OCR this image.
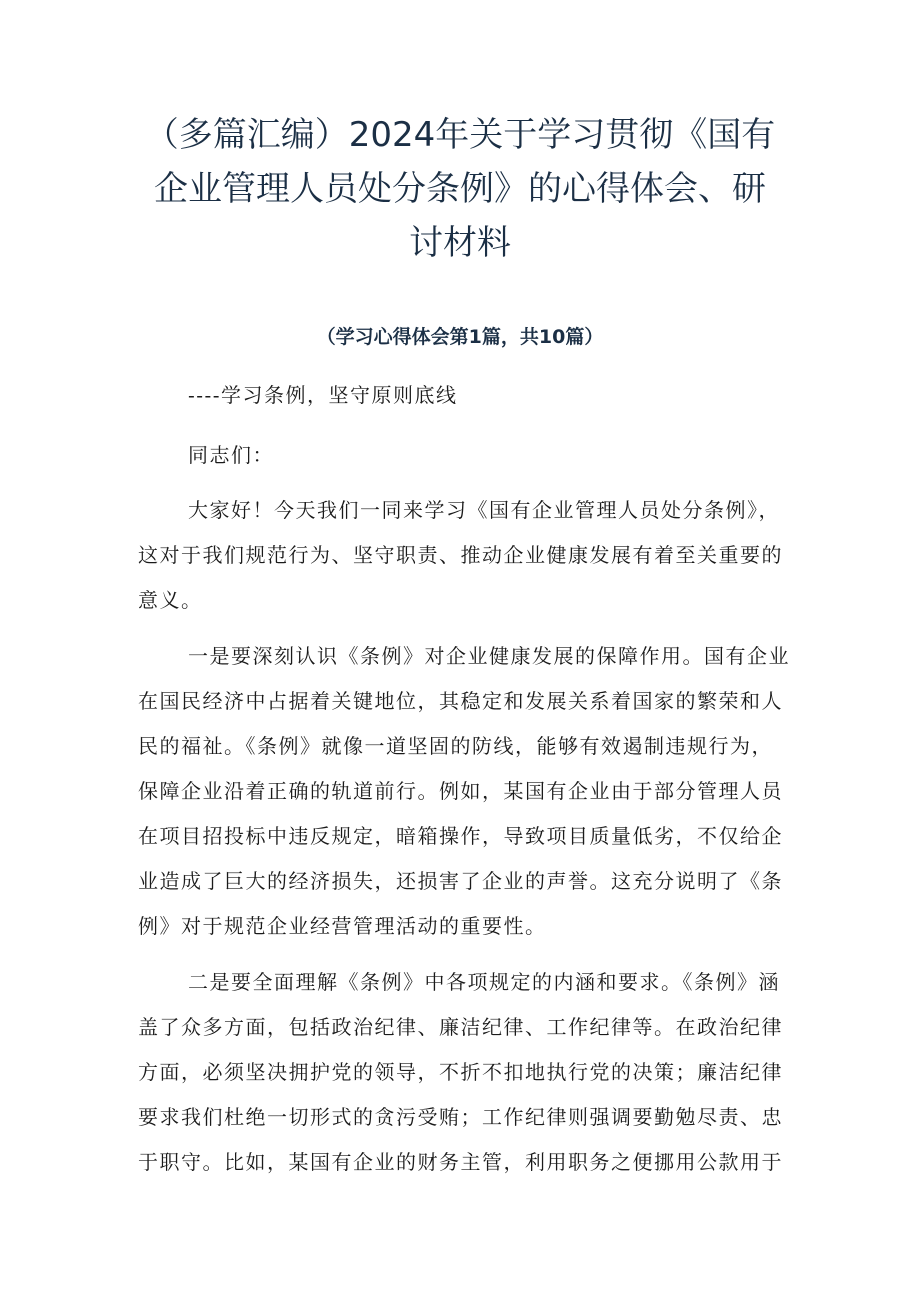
（多篇汇编）2024年关于学习贯彻《国有
企业管理人员处分条例》的心得体会、研
讨材料
（学习心得体会第1篇，共10篇）
----学习条例，坚守原则底线
同志们：
大家好！今天我们一同来学习《国有企业管理人员处分条例》，
这对于我们规范行为、坚守职责、推动企业健康发展有着至关重要的
意义。
一是要深刻认识《条例》对企业健康发展的保障作用。国有企业
在国民经济中占据着关键地位，其稳定和发展关系着国家的繁荣和人
民的福祉。《条例》就像一道坚固的防线，能够有效遏制违规行为，
保障企业沿着正确的轨道前行。例如，某国有企业由于部分管理人员
在项目招投标中违反规定，暗箱操作，导致项目质量低劣，不仅给企
业造成了巨大的经济损失，还损害了企业的声誉。这充分说明了《条
例》对于规范企业经营管理活动的重要性。
二是要全面理解《条例》中各项规定的内涵和要求。《条例》涵
盖了众多方面，包括政治纪律、廉洁纪律、工作纪律等。在政治纪律
方面，必须坚决拥护党的领导，不折不扣地执行党的决策；廉洁纪律
要求我们杜绝一切形式的贪污受贿；工作纪律则强调要勤勉尽责、忠
于职守。比如，某国有企业的财务主管，利用职务之便挪用公款用于
